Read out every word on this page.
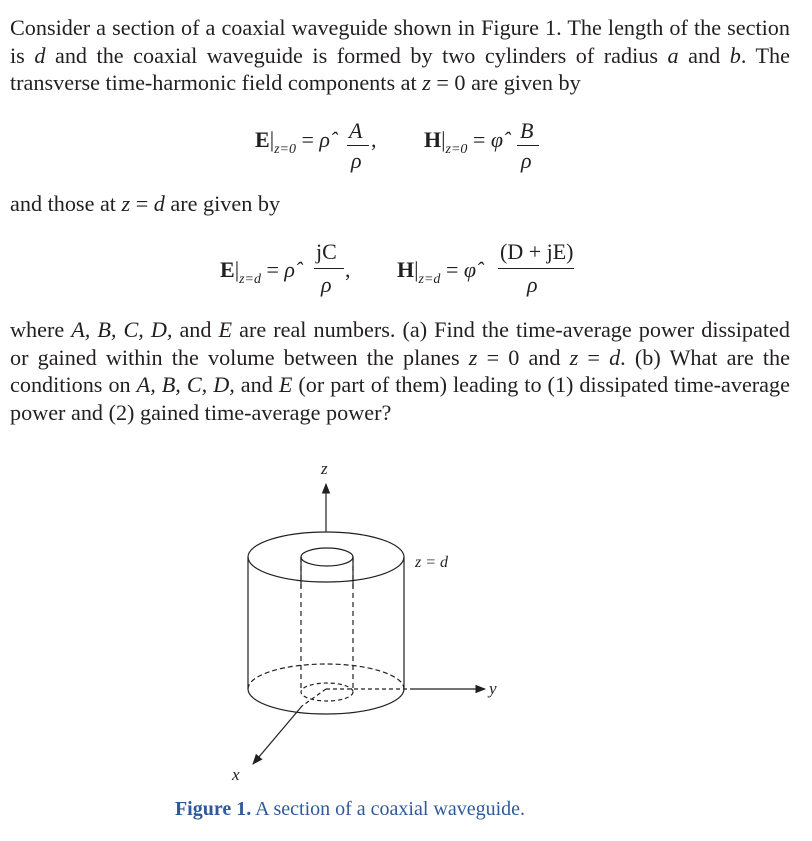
Consider a section of a coaxial waveguide shown in Figure 1. The length of the section is d and the coaxial waveguide is formed by two cylinders of radius a and b. The transverse time-harmonic field components at z = 0 are given by
$E|_{z=0}$ = ρ̂ A
ρ
, $H|_{z=0}$ = φ̂ B
ρ
and those at z = d are given by
$E|_{z=d}$ = ρ̂
jC
ρ
, $H|_{z=d}$ = φ̂
(D + jE)
ρ
where A, B, C, D, and E are real numbers. (a) Find the time-average power dissipated or gained within the volume between the planes z = 0 and z = d. (b) What are the conditions on A, B, C, D, and E (or part of them) leading to (1) dissipated time-average power and (2) gained time-average power?
z
y
x
z = d
Figure 1. A section of a coaxial waveguide.
